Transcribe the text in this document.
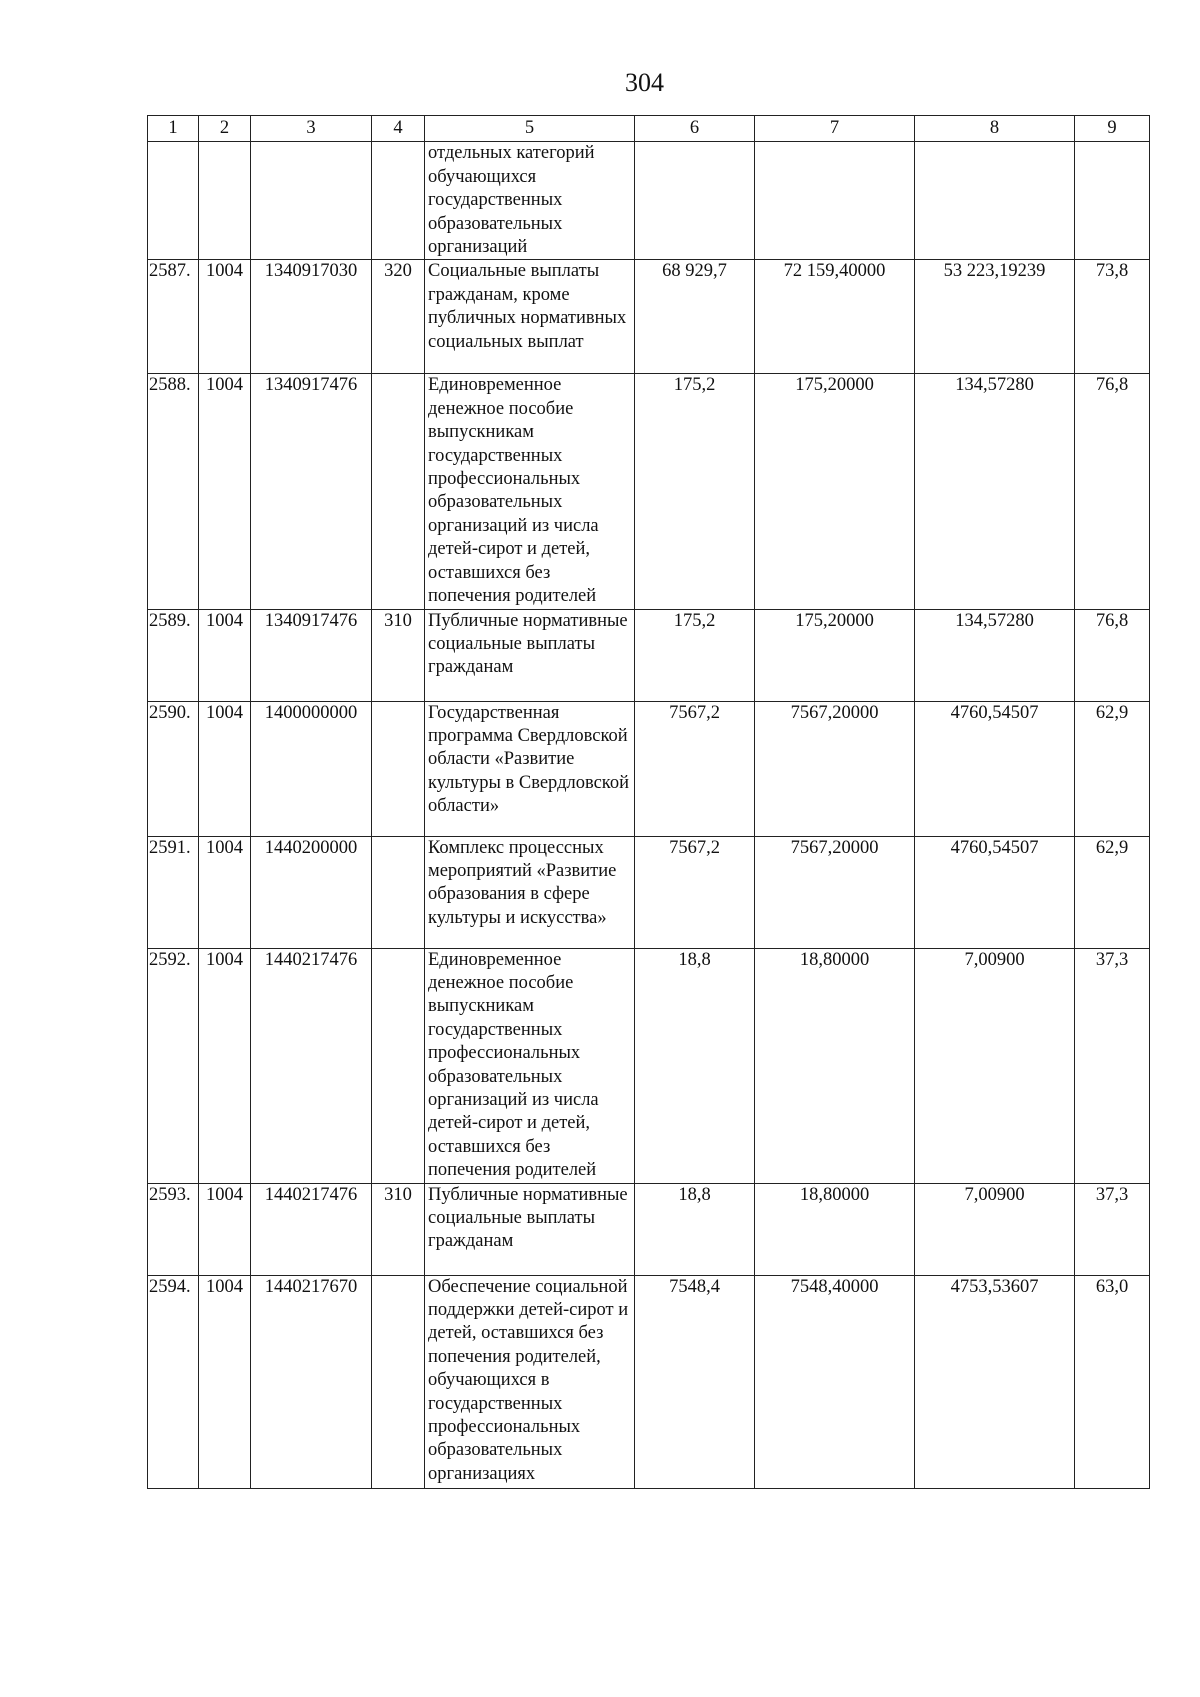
304
1	2	3	4	5	6	7	8	9
				отдельных категорий обучающихся государственных образовательных организаций				
2587.	1004	1340917030	320	Социальные выплаты гражданам, кроме публичных нормативных социальных выплат	68 929,7	72 159,40000	53 223,19239	73,8
2588.	1004	1340917476		Единовременное денежное пособие выпускникам государственных профессиональных образовательных организаций из числа детей-сирот и детей, оставшихся без попечения родителей	175,2	175,20000	134,57280	76,8
2589.	1004	1340917476	310	Публичные нормативные социальные выплаты гражданам	175,2	175,20000	134,57280	76,8
2590.	1004	1400000000		Государственная программа Свердловской области «Развитие культуры в Свердловской области»	7567,2	7567,20000	4760,54507	62,9
2591.	1004	1440200000		Комплекс процессных мероприятий «Развитие образования в сфере культуры и искусства»	7567,2	7567,20000	4760,54507	62,9
2592.	1004	1440217476		Единовременное денежное пособие выпускникам государственных профессиональных образовательных организаций из числа детей-сирот и детей, оставшихся без попечения родителей	18,8	18,80000	7,00900	37,3
2593.	1004	1440217476	310	Публичные нормативные социальные выплаты гражданам	18,8	18,80000	7,00900	37,3
2594.	1004	1440217670		Обеспечение социальной поддержки детей-сирот и детей, оставшихся без попечения родителей, обучающихся в государственных профессиональных образовательных организациях	7548,4	7548,40000	4753,53607	63,0
